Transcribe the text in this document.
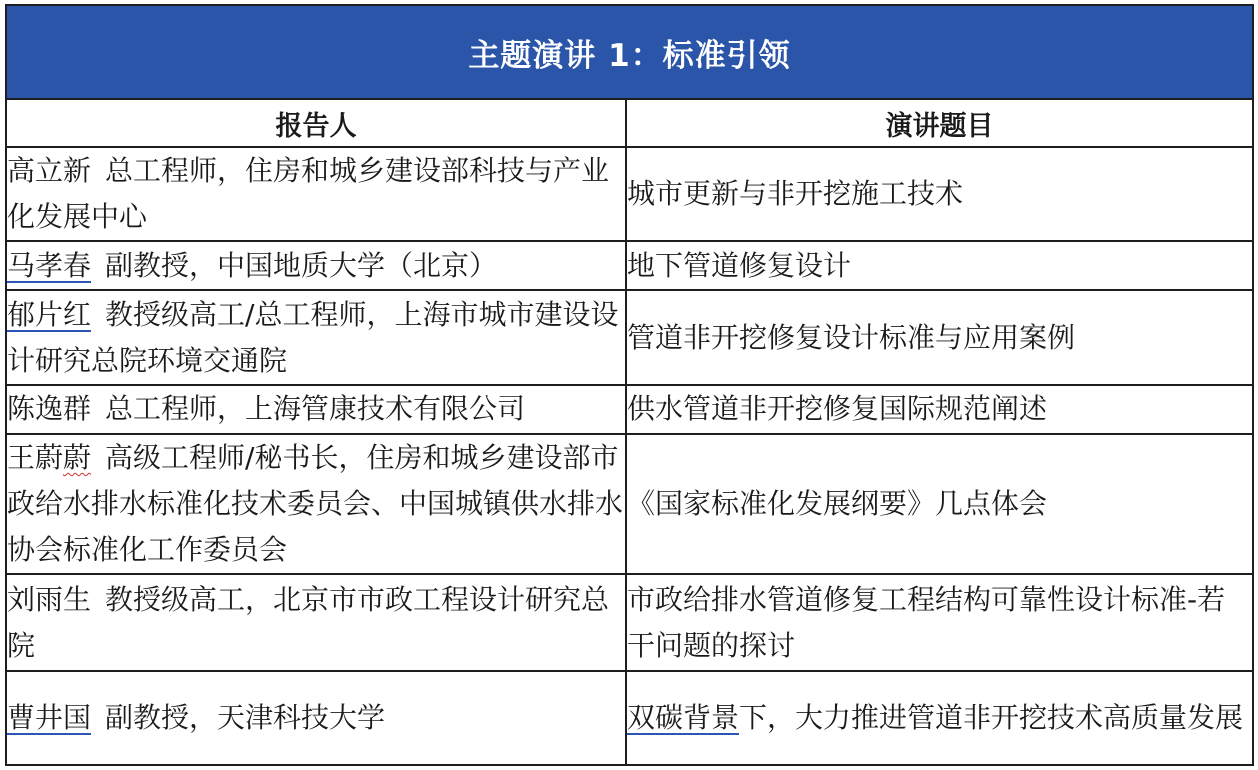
主题演讲 1：标准引领	
报告人	演讲题目
高立新 总工程师，住房和城乡建设部科技与产业化发展中心	城市更新与非开挖施工技术
马孝春 副教授，中国地质大学（北京）	地下管道修复设计
郁片红 教授级高工/总工程师，上海市城市建设设计研究总院环境交通院	管道非开挖修复设计标准与应用案例
陈逸群 总工程师，上海管康技术有限公司	供水管道非开挖修复国际规范阐述
王蔚蔚 高级工程师/秘书长，住房和城乡建设部市政给水排水标准化技术委员会、中国城镇供水排水协会标准化工作委员会	《国家标准化发展纲要》几点体会
刘雨生 教授级高工，北京市市政工程设计研究总院	市政给排水管道修复工程结构可靠性设计标准-若干问题的探讨
曹井国 副教授，天津科技大学	双碳背景下，大力推进管道非开挖技术高质量发展
